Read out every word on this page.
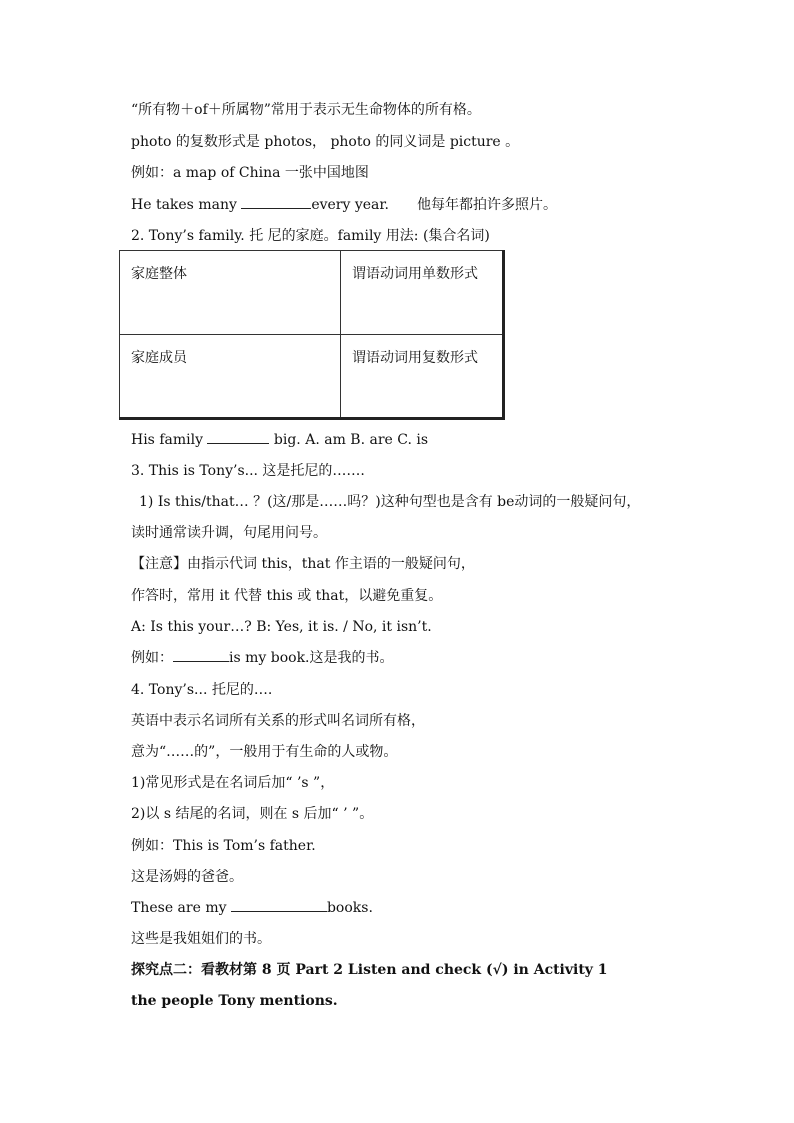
“所有物＋of＋所属物”常用于表示无生命物体的所有格。
photo 的复数形式是 photos， photo 的同义词是 picture 。
例如：a map of China 一张中国地图
He takes many	every year. 他每年都拍许多照片。
2. Tony’s family. 托 尼的家庭。family 用法: (集合名词)
家庭整体	谓语动词用单数形式
家庭成员	谓语动词用复数形式
His family	big. A. am B. are C. is
3. This is Tony’s... 这是托尼的…….
1) Is this/that… ？(这/那是……吗？)这种句型也是含有 be动词的一般疑问句，
读时通常读升调，句尾用问号。
【注意】由指示代词 this，that 作主语的一般疑问句，
作答时，常用 it 代替 this 或 that，以避免重复。
A: Is this your…? B: Yes, it is. / No, it isn’t.
例如：	is my book.这是我的书。
4. Tony’s... 托尼的….
英语中表示名词所有关系的形式叫名词所有格，
意为“……的”，一般用于有生命的人或物。
1)常见形式是在名词后加“ ’s ”，
2)以 s 结尾的名词，则在 s 后加“ ’ ”。
例如：This is Tom’s father.
这是汤姆的爸爸。
These are my	books.
这些是我姐姐们的书。
探究点二：看教材第 8 页 Part 2 Listen and check (√) in Activity 1
the people Tony mentions.
